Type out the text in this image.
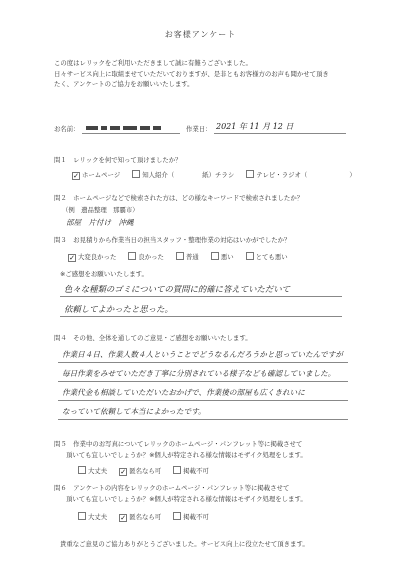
お客様アンケート
この度はレリックをご利用いただきまして誠に有難うございました。
日々サービス向上に取組ませていただいておりますが、是非ともお客様方のお声も聞かせて頂き
たく、アンケートのご協力をお願いいたします。
お名前：	作業日： 2021 年 11 月 12 日
問１　レリックを何で知って頂けましたか？
✓ ホームページ	知人紹介（	紙）チラシ	テレビ・ラジオ（	）
問２　ホームページなどで検索された方は、どの様なキーワードで検索されましたか？
（例　遺品整理　那覇市）
部屋　片付け　沖縄
問３　お見積りから作業当日の担当スタッフ・整理作業の対応はいかがでしたか？
✓ 大変良かった	良かった	普通	悪い	とても悪い
※ご感想をお願いいたします。
色々な種類のゴミについての質問に的確に答えていただいて
依頼してよかったと思った。
問４　その他、全体を通してのご意見・ご感想をお願いいたします。
作業日４日、作業人数４人ということでどうなるんだろうかと思っていたんですが
毎日作業をみせていただき丁寧に分別されている様子なども確認していました。
作業代金も相談していただいたおかげで、作業後の部屋も広くきれいに
なっていて依頼して本当によかったです。
問５　作業中のお写真についてレリックのホームページ・パンフレット等に掲載させて
頂いても宜しいでしょうか？※個人が特定される様な情報はモザイク処理をします。
大丈夫 ✓ 匿名なら可	掲載不可
問６　アンケートの内容をレリックのホームページ・パンフレット等に掲載させて
頂いても宜しいでしょうか？※個人が特定される様な情報はモザイク処理をします。
大丈夫 ✓ 匿名なら可	掲載不可
貴重なご意見のご協力ありがとうございました。サービス向上に役立たせて頂きます。
